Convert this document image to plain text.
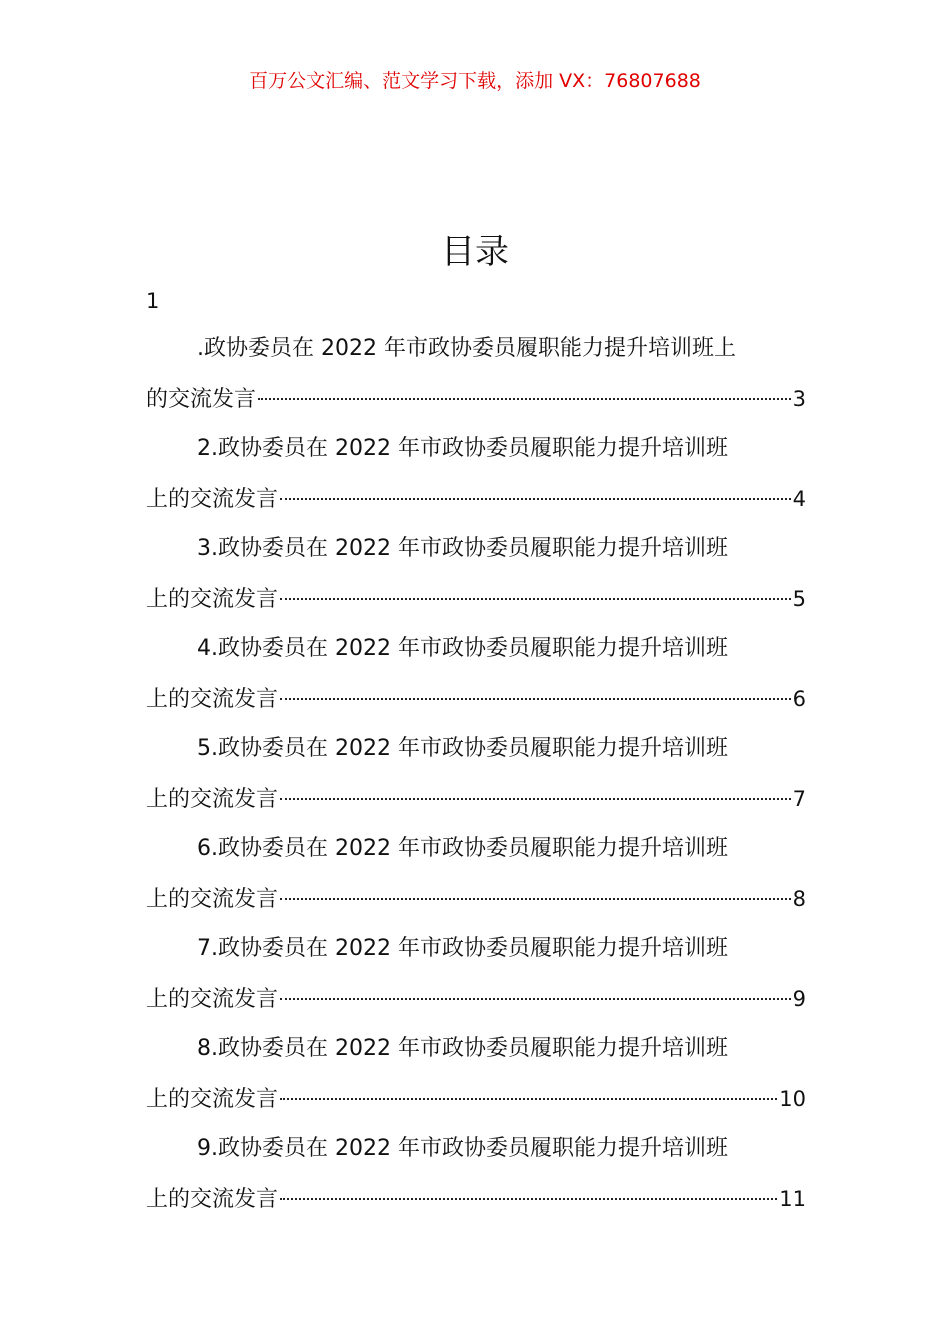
百万公文汇编、范文学习下载，添加 VX：76807688
目录
1
.政协委员在 2022 年市政协委员履职能力提升培训班上
的交流发言	3
2.政协委员在 2022 年市政协委员履职能力提升培训班
上的交流发言	4
3.政协委员在 2022 年市政协委员履职能力提升培训班
上的交流发言	5
4.政协委员在 2022 年市政协委员履职能力提升培训班
上的交流发言	6
5.政协委员在 2022 年市政协委员履职能力提升培训班
上的交流发言	7
6.政协委员在 2022 年市政协委员履职能力提升培训班
上的交流发言	8
7.政协委员在 2022 年市政协委员履职能力提升培训班
上的交流发言	9
8.政协委员在 2022 年市政协委员履职能力提升培训班
上的交流发言	10
9.政协委员在 2022 年市政协委员履职能力提升培训班
上的交流发言	11
